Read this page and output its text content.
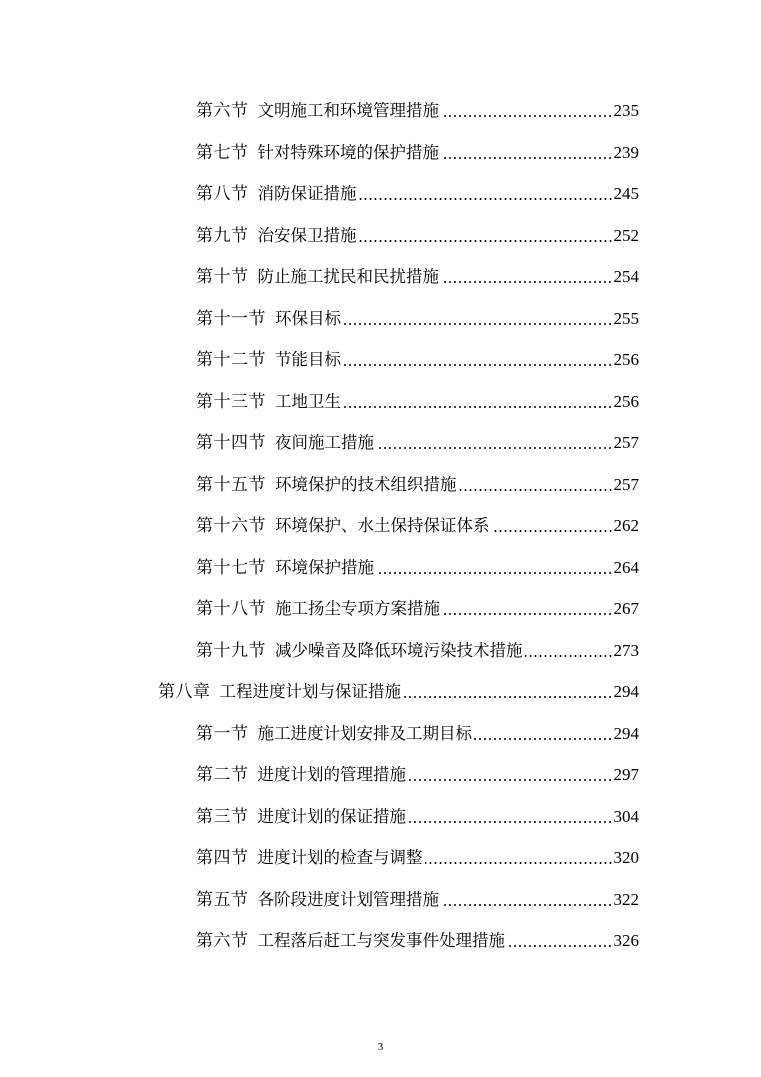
第六节 文明施工和环境管理措施	235
第七节 针对特殊环境的保护措施	239
第八节 消防保证措施	245
第九节 治安保卫措施	252
第十节 防止施工扰民和民扰措施	254
第十一节 环保目标	255
第十二节 节能目标	256
第十三节 工地卫生	256
第十四节 夜间施工措施	257
第十五节 环境保护的技术组织措施	257
第十六节 环境保护、水土保持保证体系	262
第十七节 环境保护措施	264
第十八节 施工扬尘专项方案措施	267
第十九节 减少噪音及降低环境污染技术措施	273
第八章 工程进度计划与保证措施	294
第一节 施工进度计划安排及工期目标	294
第二节 进度计划的管理措施	297
第三节 进度计划的保证措施	304
第四节 进度计划的检查与调整	320
第五节 各阶段进度计划管理措施	322
第六节 工程落后赶工与突发事件处理措施	326
3
